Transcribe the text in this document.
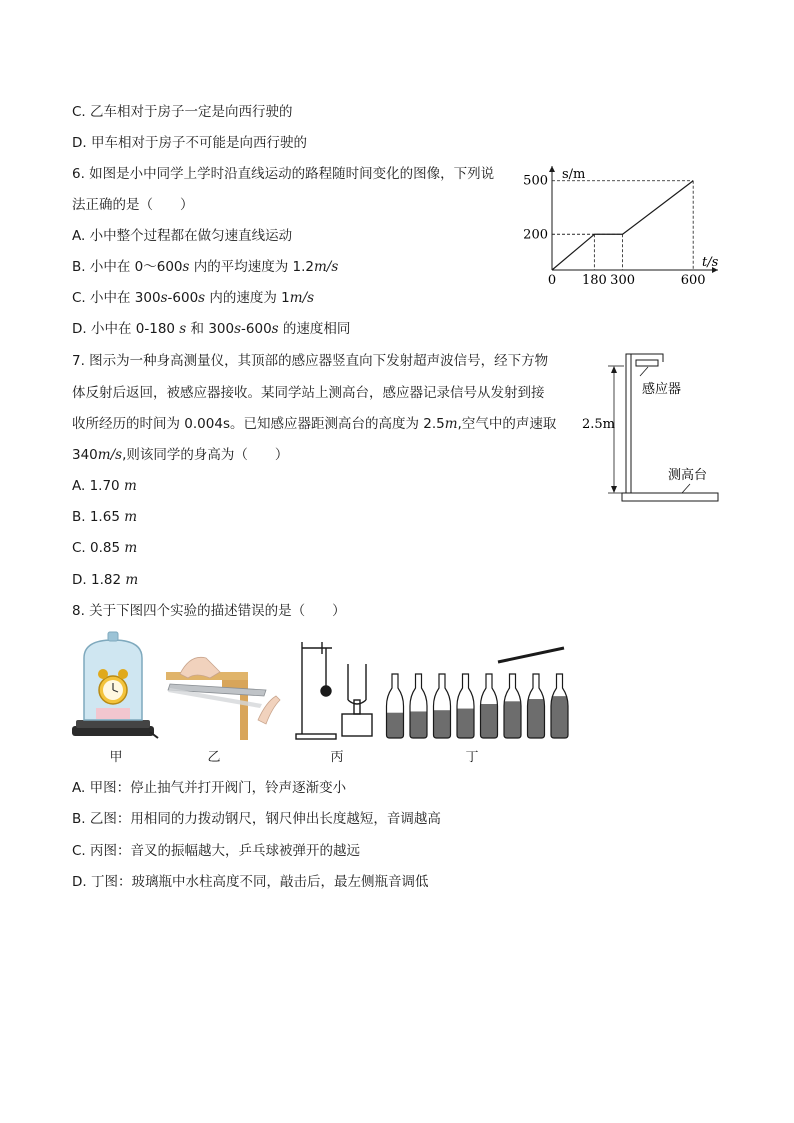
C. 乙车相对于房子一定是向西行驶的
D. 甲车相对于房子不可能是向西行驶的
6. 如图是小中同学上学时沿直线运动的路程随时间变化的图像，下列说
法正确的是（　　）
A. 小中整个过程都在做匀速直线运动
B. 小中在 0～600s 内的平均速度为 1.2m/s
C. 小中在 300s-600s 内的速度为 1m/s
D. 小中在 0-180 s 和 300s-600s 的速度相同
s/m
t/s
0 180 300	600
200
500
7. 图示为一种身高测量仪，其顶部的感应器竖直向下发射超声波信号，经下方物
体反射后返回，被感应器接收。某同学站上测高台，感应器记录信号从发射到接
收所经历的时间为 0.004s。已知感应器距测高台的高度为 2.5m,空气中的声速取
340m/s,则该同学的身高为（　　）
A. 1.70 m
B. 1.65 m
C. 0.85 m
D. 1.82 m
感应器
2.5m
测高台
8. 关于下图四个实验的描述错误的是（　　）
甲	乙	丙	丁
A. 甲图：停止抽气并打开阀门，铃声逐渐变小
B. 乙图：用相同的力拨动钢尺，钢尺伸出长度越短，音调越高
C. 丙图：音叉的振幅越大，乒乓球被弹开的越远
D. 丁图：玻璃瓶中水柱高度不同，敲击后，最左侧瓶音调低
